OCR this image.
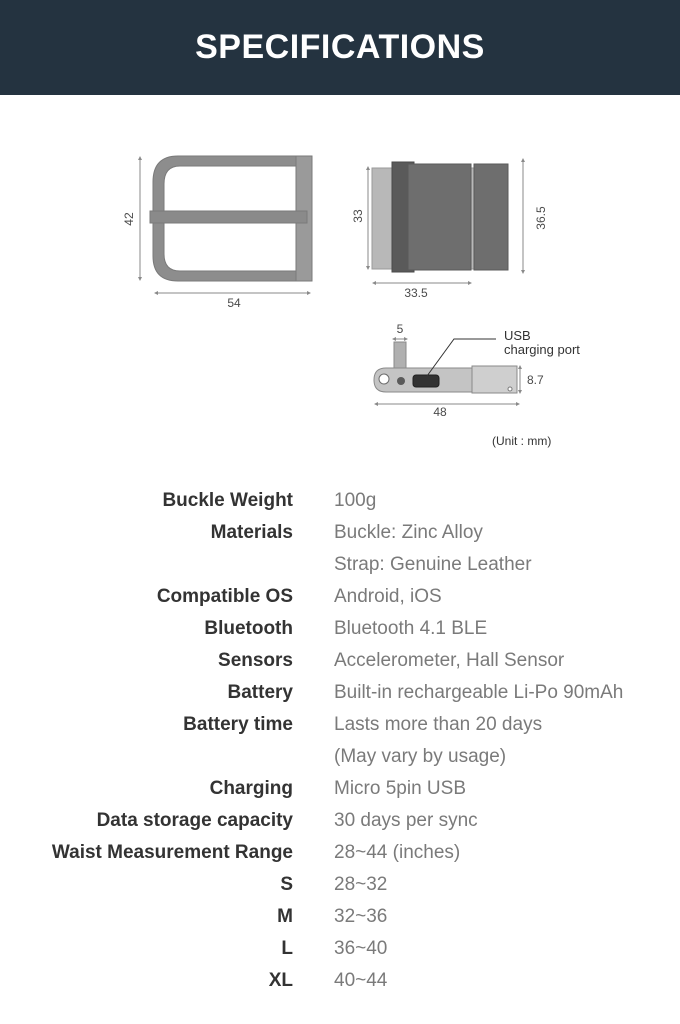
SPECIFICATIONS
42
54
33	36.5
33.5
5	USB
charging port
8.7
48
(Unit : mm)
Buckle Weight 100g
Materials Buckle: Zinc Alloy
Strap: Genuine Leather
Compatible OS Android, iOS
Bluetooth Bluetooth 4.1 BLE
Sensors Accelerometer, Hall Sensor
Battery Built-in rechargeable Li-Po 90mAh
Battery time Lasts more than 20 days
(May vary by usage)
Charging Micro 5pin USB
Data storage capacity 30 days per sync
Waist Measurement Range 28~44 (inches)
S 28~32
M 32~36
L 36~40
XL 40~44
